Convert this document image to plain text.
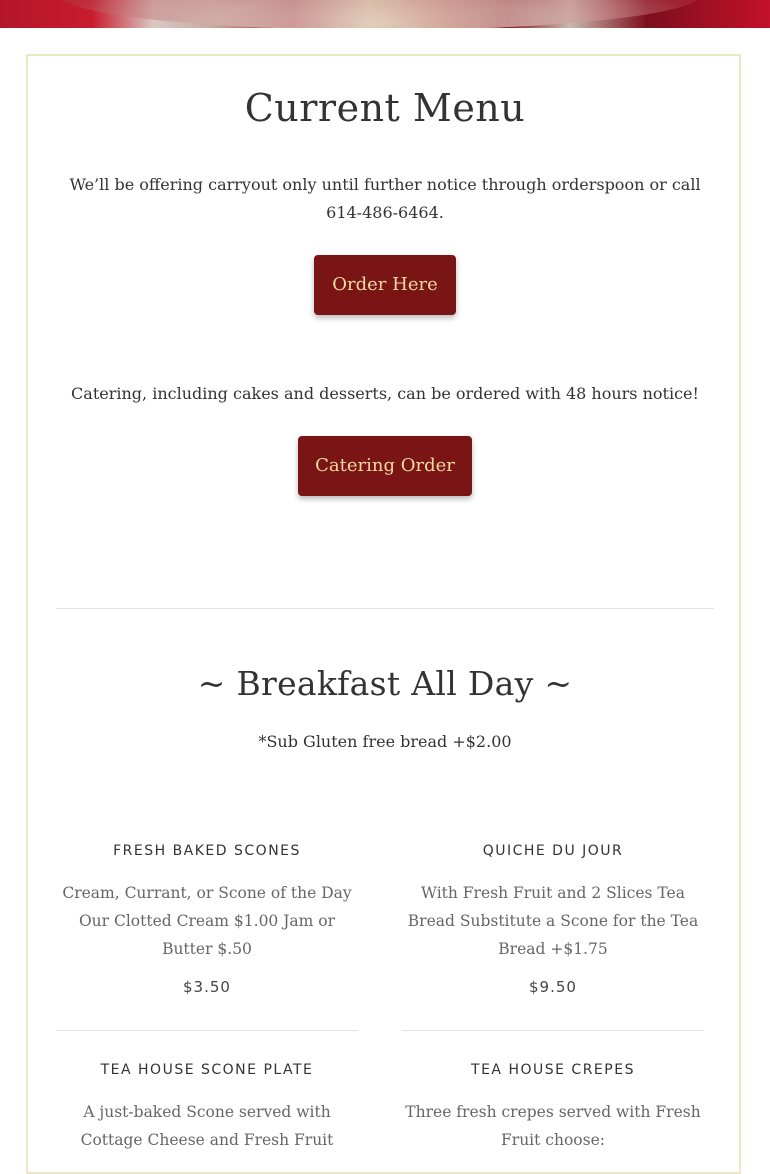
Current Menu
We’ll be offering carryout only until further notice through orderspoon or call 614-486-6464.
Order Here
Catering, including cakes and desserts, can be ordered with 48 hours notice!
Catering Order
~ Breakfast All Day ~
*Sub Gluten free bread +$2.00
FRESH BAKED SCONES
Cream, Currant, or Scone of the Day Our Clotted Cream $1.00 Jam or Butter $.50
$3.50
QUICHE DU JOUR
With Fresh Fruit and 2 Slices Tea Bread Substitute a Scone for the Tea Bread +$1.75
$9.50
TEA HOUSE SCONE PLATE
A just-baked Scone served with Cottage Cheese and Fresh Fruit
TEA HOUSE CREPES
Three fresh crepes served with Fresh Fruit choose:
